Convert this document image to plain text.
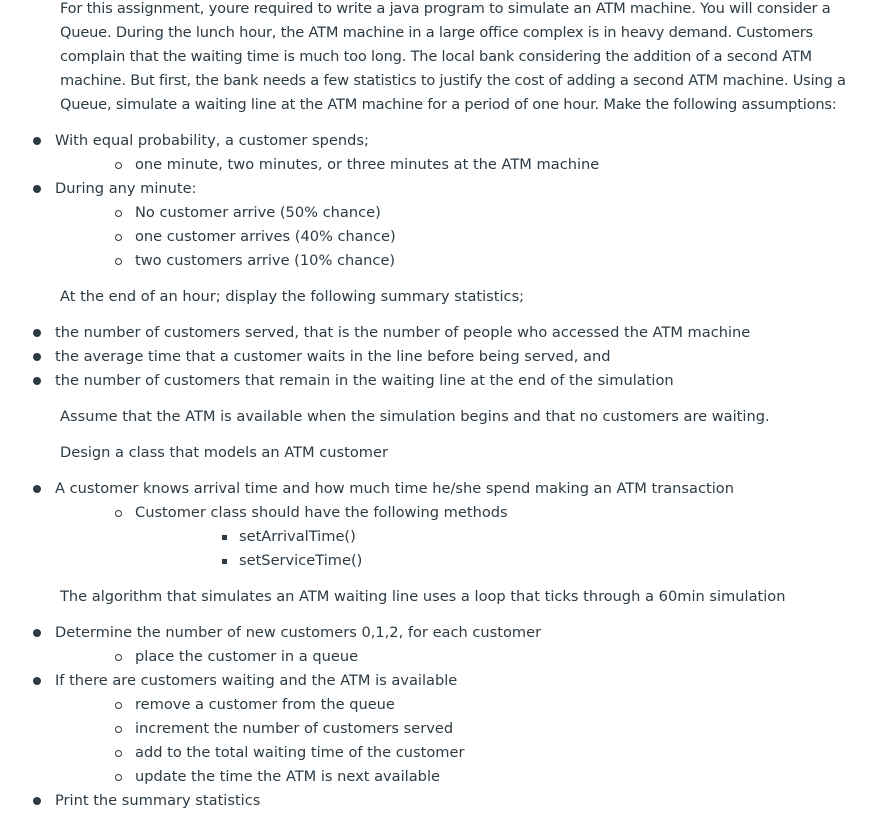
For this assignment, youre required to write a java program to simulate an ATM machine. You will consider a Queue. During the lunch hour, the ATM machine in a large office complex is in heavy demand. Customers complain that the waiting time is much too long. The local bank considering the addition of a second ATM machine. But first, the bank needs a few statistics to justify the cost of adding a second ATM machine. Using a Queue, simulate a waiting line at the ATM machine for a period of one hour. Make the following assumptions:

With equal probability, a customer spends;
one minute, two minutes, or three minutes at the ATM machine
During any minute:
No customer arrive (50% chance)
one customer arrives (40% chance)
two customers arrive (10% chance)

At the end of an hour; display the following summary statistics;

the number of customers served, that is the number of people who accessed the ATM machine
the average time that a customer waits in the line before being served, and
the number of customers that remain in the waiting line at the end of the simulation

Assume that the ATM is available when the simulation begins and that no customers are waiting.

Design a class that models an ATM customer

A customer knows arrival time and how much time he/she spend making an ATM transaction
Customer class should have the following methods
setArrivalTime()
setServiceTime()

The algorithm that simulates an ATM waiting line uses a loop that ticks through a 60min simulation

Determine the number of new customers 0,1,2, for each customer
place the customer in a queue
If there are customers waiting and the ATM is available
remove a customer from the queue
increment the number of customers served
add to the total waiting time of the customer
update the time the ATM is next available
Print the summary statistics
